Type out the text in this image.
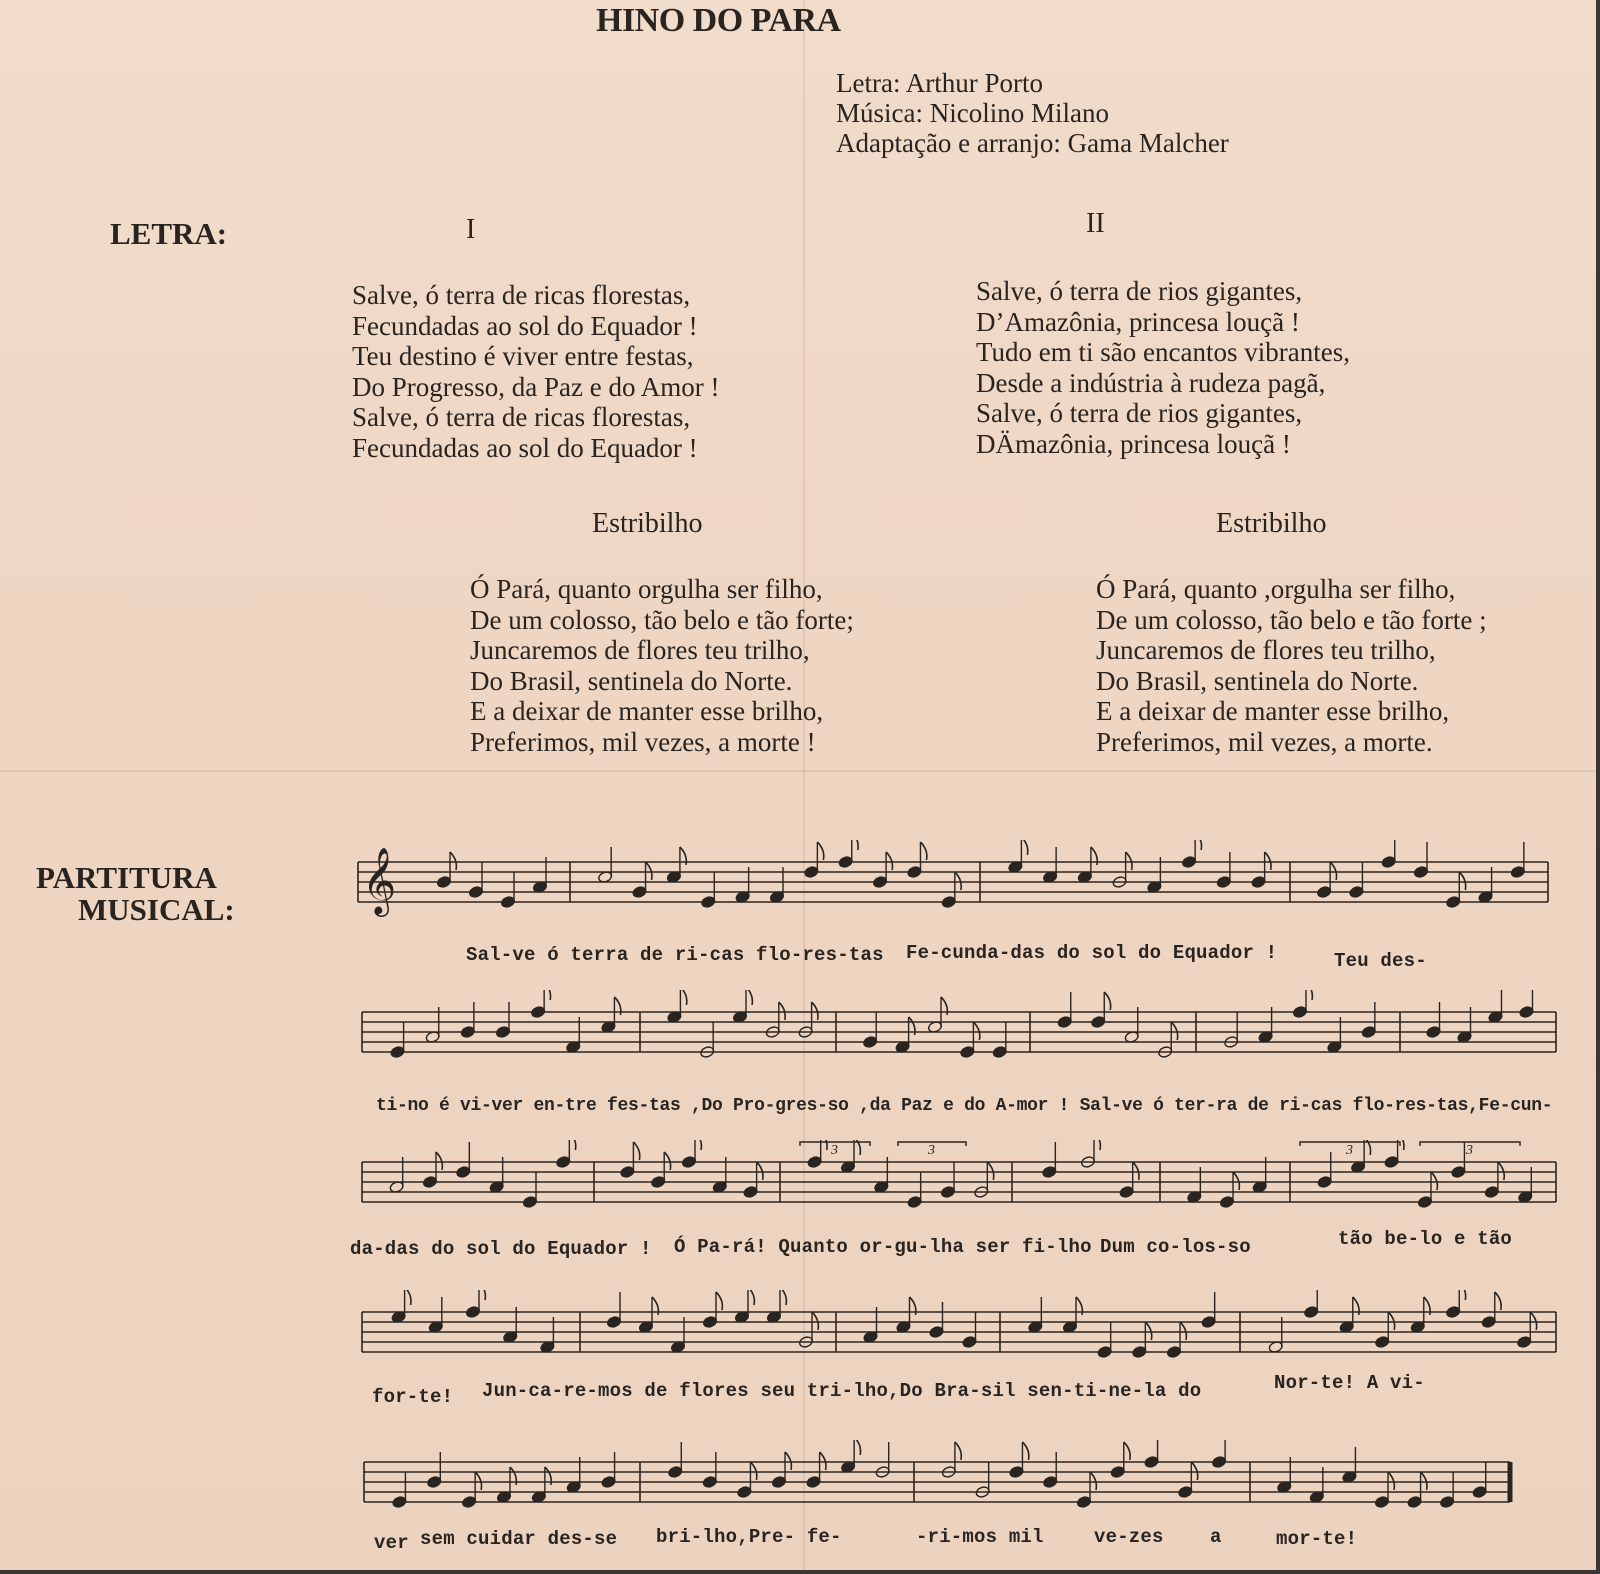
HINO DO PARA
Letra: Arthur Porto
Música: Nicolino Milano
Adaptação e arranjo: Gama Malcher
LETRA:	I	II
Salve, ó terra de ricas florestas,
Fecundadas ao sol do Equador !
Teu destino é viver entre festas,
Do Progresso, da Paz e do Amor !
Salve, ó terra de ricas florestas,
Fecundadas ao sol do Equador !
Salve, ó terra de rios gigantes,
D’Amazônia, princesa louçã !
Tudo em ti são encantos vibrantes,
Desde a indústria à rudeza pagã,
Salve, ó terra de rios gigantes,
DÄmazônia, princesa louçã !
Estribilho	Estribilho
Ó Pará, quanto orgulha ser filho,
De um colosso, tão belo e tão forte;
Juncaremos de flores teu trilho,
Do Brasil, sentinela do Norte.
E a deixar de manter esse brilho,
Preferimos, mil vezes, a morte !
Ó Pará, quanto ,orgulha ser filho,
De um colosso, tão belo e tão forte ;
Juncaremos de flores teu trilho,
Do Brasil, sentinela do Norte.
E a deixar de manter esse brilho,
Preferimos, mil vezes, a morte.
PARTITURA
MUSICAL: 𝄞
3	3	3	3
Sal-ve ó terra de ri-cas flo-res-tas Fe-cunda-das do sol do Equador !	Teu des-
ti-no é vi-ver en-tre fes-tas ,Do Pro-gres-so ,da Paz e do A-mor ! Sal-ve ó ter-ra de ri-cas flo-res-tas,Fe-cun-
da-das do sol do Equador ! Ó Pa-rá! Quanto or-gu-lha ser fi-lho Dum co-los-so	tão be-lo e tão
for-te! Jun-ca-re-mos de flores seu tri-lho,Do Bra-sil sen-ti-ne-la do	Nor-te! A vi-
ver sem cuidar des-se bri-lho,Pre- fe-	-ri-mos mil	ve-zes a	mor-te!
